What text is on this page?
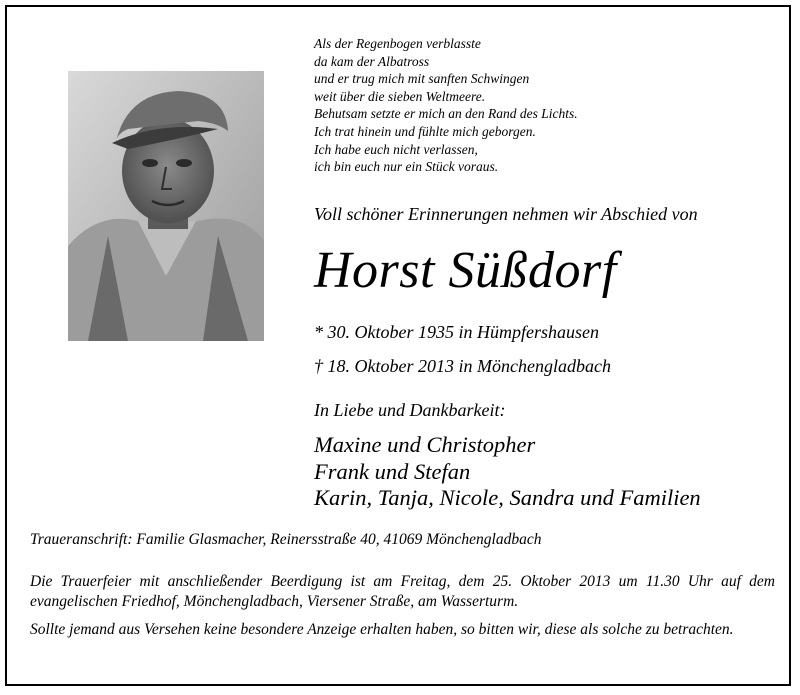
Als der Regenbogen verblasste
da kam der Albatross
und er trug mich mit sanften Schwingen
weit über die sieben Weltmeere.
Behutsam setzte er mich an den Rand des Lichts.
Ich trat hinein und fühlte mich geborgen.
Ich habe euch nicht verlassen,
ich bin euch nur ein Stück voraus.
Voll schöner Erinnerungen nehmen wir Abschied von
Horst Süßdorf
* 30. Oktober 1935 in Hümpfershausen
† 18. Oktober 2013 in Mönchengladbach
In Liebe und Dankbarkeit:
Maxine und Christopher
Frank und Stefan
Karin, Tanja, Nicole, Sandra und Familien
Traueranschrift: Familie Glasmacher, Reinersstraße 40, 41069 Mönchengladbach
Die Trauerfeier mit anschließender Beerdigung ist am Freitag, dem 25. Oktober 2013 um 11.30 Uhr auf dem evangelischen Friedhof, Mönchengladbach, Viersener Straße, am Wasserturm.
Sollte jemand aus Versehen keine besondere Anzeige erhalten haben, so bitten wir, diese als solche zu betrachten.
